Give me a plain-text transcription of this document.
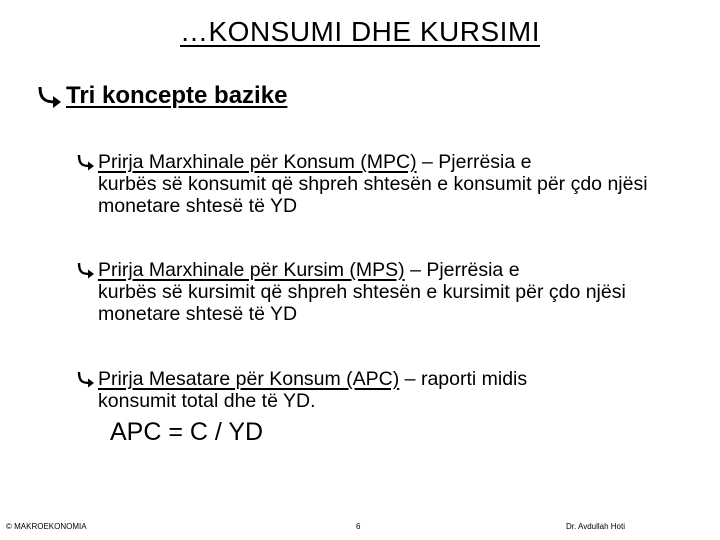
…KONSUMI DHE KURSIMI
Tri koncepte bazike
Prirja Marxhinale për Konsum (MPC) – Pjerrësia e
kurbës së konsumit që shpreh shtesën e konsumit për çdo njësi monetare shtesë të YD
Prirja Marxhinale për Kursim (MPS) – Pjerrësia e
kurbës së kursimit që shpreh shtesën e kursimit për çdo njësi monetare shtesë të YD
Prirja Mesatare për Konsum (APC) – raporti midis
konsumit total dhe të YD.
APC = C / YD
© MAKROEKONOMIA	6	Dr. Avdullah Hoti
